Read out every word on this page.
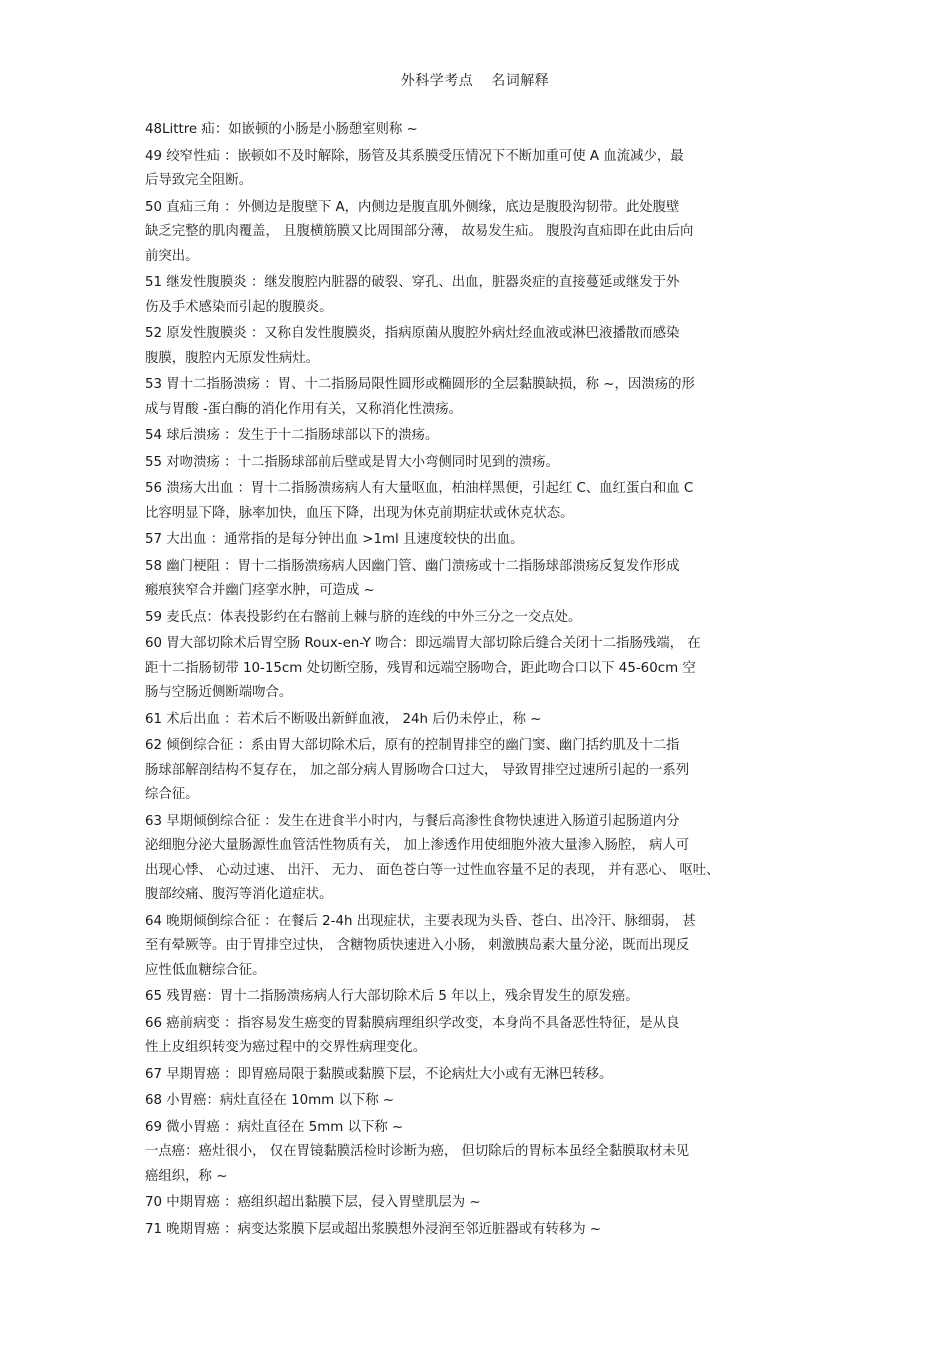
外科学考点 名词解释
48Littre 疝：如嵌顿的小肠是小肠憩室则称 ~
49 绞窄性疝 ：嵌顿如不及时解除，肠管及其系膜受压情况下不断加重可使 A 血流减少，最
后导致完全阻断。
50 直疝三角 ：外侧边是腹壁下 A，内侧边是腹直肌外侧缘，底边是腹股沟韧带。此处腹壁
缺乏完整的肌肉覆盖， 且腹横筋膜又比周围部分薄， 故易发生疝。 腹股沟直疝即在此由后向
前突出。
51 继发性腹膜炎 ：继发腹腔内脏器的破裂、穿孔、出血，脏器炎症的直接蔓延或继发于外
伤及手术感染而引起的腹膜炎。
52 原发性腹膜炎 ：又称自发性腹膜炎，指病原菌从腹腔外病灶经血液或淋巴液播散而感染
腹膜，腹腔内无原发性病灶。
53 胃十二指肠溃疡 ：胃、十二指肠局限性圆形或椭圆形的全层黏膜缺损，称 ~，因溃疡的形
成与胃酸 -蛋白酶的消化作用有关，又称消化性溃疡。
54 球后溃疡 ：发生于十二指肠球部以下的溃疡。
55 对吻溃疡 ：十二指肠球部前后壁或是胃大小弯侧同时见到的溃疡。
56 溃疡大出血 ：胃十二指肠溃疡病人有大量呕血，柏油样黑便，引起红 C、血红蛋白和血 C
比容明显下降，脉率加快，血压下降，出现为休克前期症状或休克状态。
57 大出血 ：通常指的是每分钟出血 >1ml 且速度较快的出血。
58 幽门梗阻 ：胃十二指肠溃疡病人因幽门管、幽门溃疡或十二指肠球部溃疡反复发作形成
瘢痕狭窄合并幽门痉挛水肿，可造成 ~
59 麦氏点：体表投影约在右髂前上棘与脐的连线的中外三分之一交点处。
60 胃大部切除术后胃空肠 Roux-en-Y 吻合：即远端胃大部切除后缝合关闭十二指肠残端， 在
距十二指肠韧带 10-15cm 处切断空肠，残胃和远端空肠吻合，距此吻合口以下 45-60cm 空
肠与空肠近侧断端吻合。
61 术后出血 ：若术后不断吸出新鲜血液， 24h 后仍未停止，称 ~
62 倾倒综合征 ：系由胃大部切除术后，原有的控制胃排空的幽门窦、幽门括约肌及十二指
肠球部解剖结构不复存在， 加之部分病人胃肠吻合口过大， 导致胃排空过速所引起的一系列
综合征。
63 早期倾倒综合征 ：发生在进食半小时内，与餐后高渗性食物快速进入肠道引起肠道内分
泌细胞分泌大量肠源性血管活性物质有关， 加上渗透作用使细胞外液大量渗入肠腔， 病人可
出现心悸、 心动过速、 出汗、 无力、 面色苍白等一过性血容量不足的表现， 并有恶心、 呕吐、
腹部绞痛、腹泻等消化道症状。
64 晚期倾倒综合征 ：在餐后 2-4h 出现症状，主要表现为头昏、苍白、出冷汗、脉细弱， 甚
至有晕厥等。由于胃排空过快， 含糖物质快速进入小肠， 刺激胰岛素大量分泌，既而出现反
应性低血糖综合征。
65 残胃癌：胃十二指肠溃疡病人行大部切除术后 5 年以上，残余胃发生的原发癌。
66 癌前病变 ：指容易发生癌变的胃黏膜病理组织学改变，本身尚不具备恶性特征，是从良
性上皮组织转变为癌过程中的交界性病理变化。
67 早期胃癌 ：即胃癌局限于黏膜或黏膜下层，不论病灶大小或有无淋巴转移。
68 小胃癌：病灶直径在 10mm 以下称 ~
69 微小胃癌 ：病灶直径在 5mm 以下称 ~
一点癌：癌灶很小， 仅在胃镜黏膜活检时诊断为癌， 但切除后的胃标本虽经全黏膜取材未见
癌组织，称 ~
70 中期胃癌 ：癌组织超出黏膜下层，侵入胃壁肌层为 ~
71 晚期胃癌 ：病变达浆膜下层或超出浆膜想外浸润至邻近脏器或有转移为 ~
